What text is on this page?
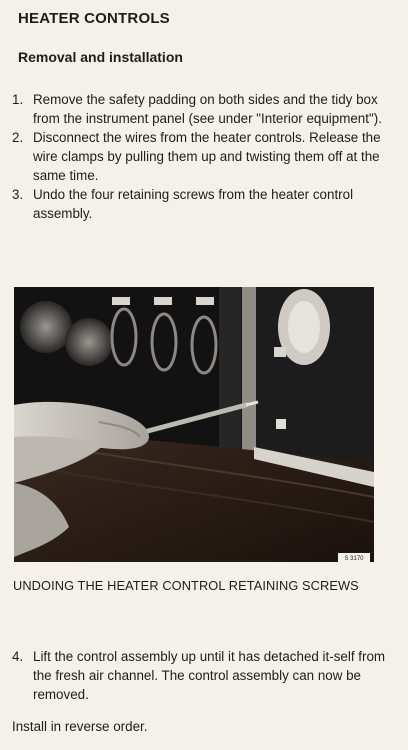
HEATER CONTROLS
Removal and installation
1. Remove the safety padding on both sides and the tidy box from the instrument panel (see under "Interior equipment").
2. Disconnect the wires from the heater controls. Release the wire clamps by pulling them up and twisting them off at the same time.
3. Undo the four retaining screws from the heater control assembly.
S 3170

UNDOING THE HEATER CONTROL RETAINING SCREWS

4. Lift the control assembly up until it has detached it-self from the fresh air channel. The control assembly can now be removed.

Install in reverse order.
